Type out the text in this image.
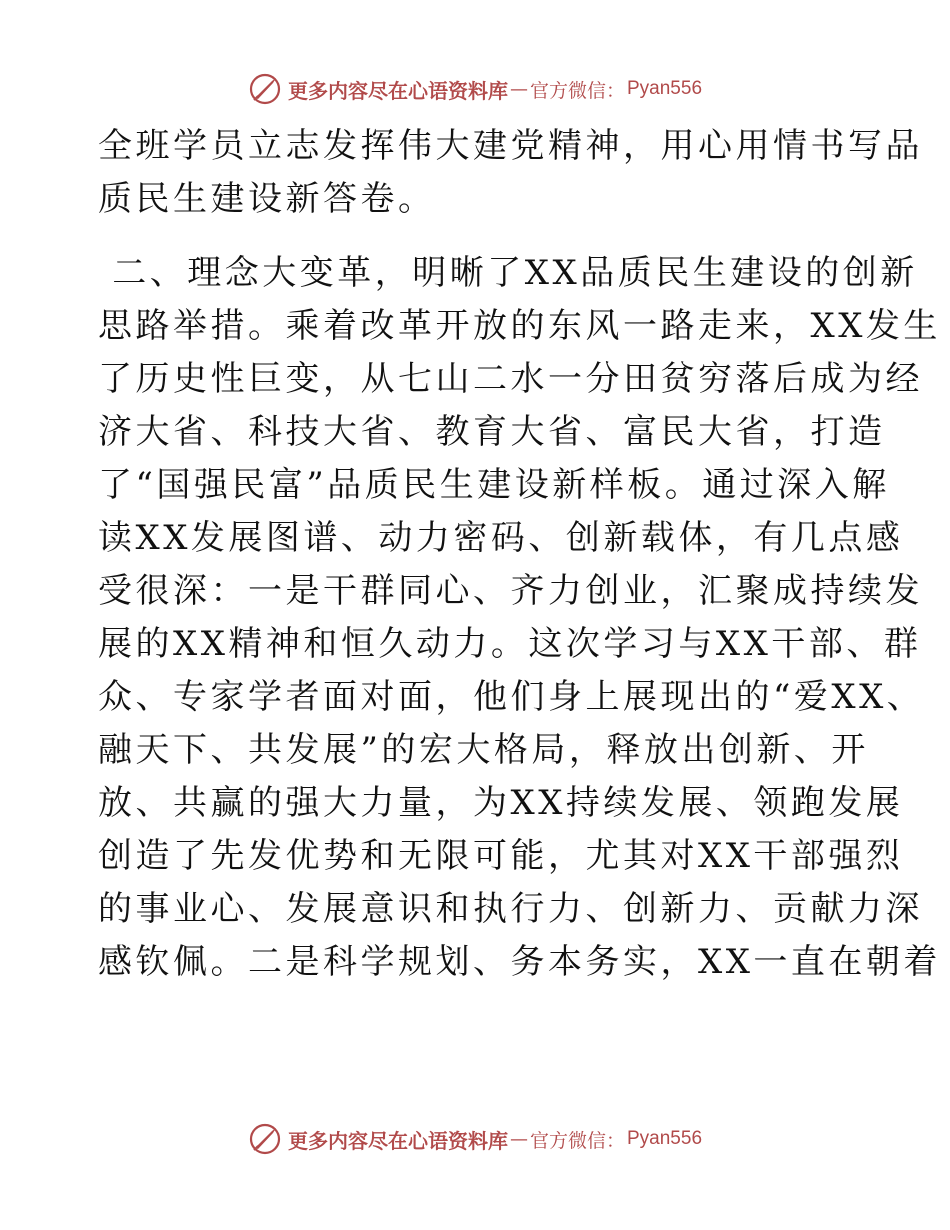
更多内容尽在心语资料库 — 官方微信： Pyan556

全班学员立志发挥伟大建党精神，用心用情书写品
质民生建设新答卷。

二、理念大变革，明晰了XX品质民生建设的创新
思路举措。乘着改革开放的东风一路走来，XX发生
了历史性巨变，从七山二水一分田贫穷落后成为经
济大省、科技大省、教育大省、富民大省，打造
了“国强民富”品质民生建设新样板。通过深入解
读XX发展图谱、动力密码、创新载体，有几点感
受很深：一是干群同心、齐力创业，汇聚成持续发
展的XX精神和恒久动力。这次学习与XX干部、群
众、专家学者面对面，他们身上展现出的“爱XX、
融天下、共发展”的宏大格局，释放出创新、开
放、共赢的强大力量，为XX持续发展、领跑发展
创造了先发优势和无限可能，尤其对XX干部强烈
的事业心、发展意识和执行力、创新力、贡献力深
感钦佩。二是科学规划、务本务实，XX一直在朝着

更多内容尽在心语资料库 — 官方微信： Pyan556
